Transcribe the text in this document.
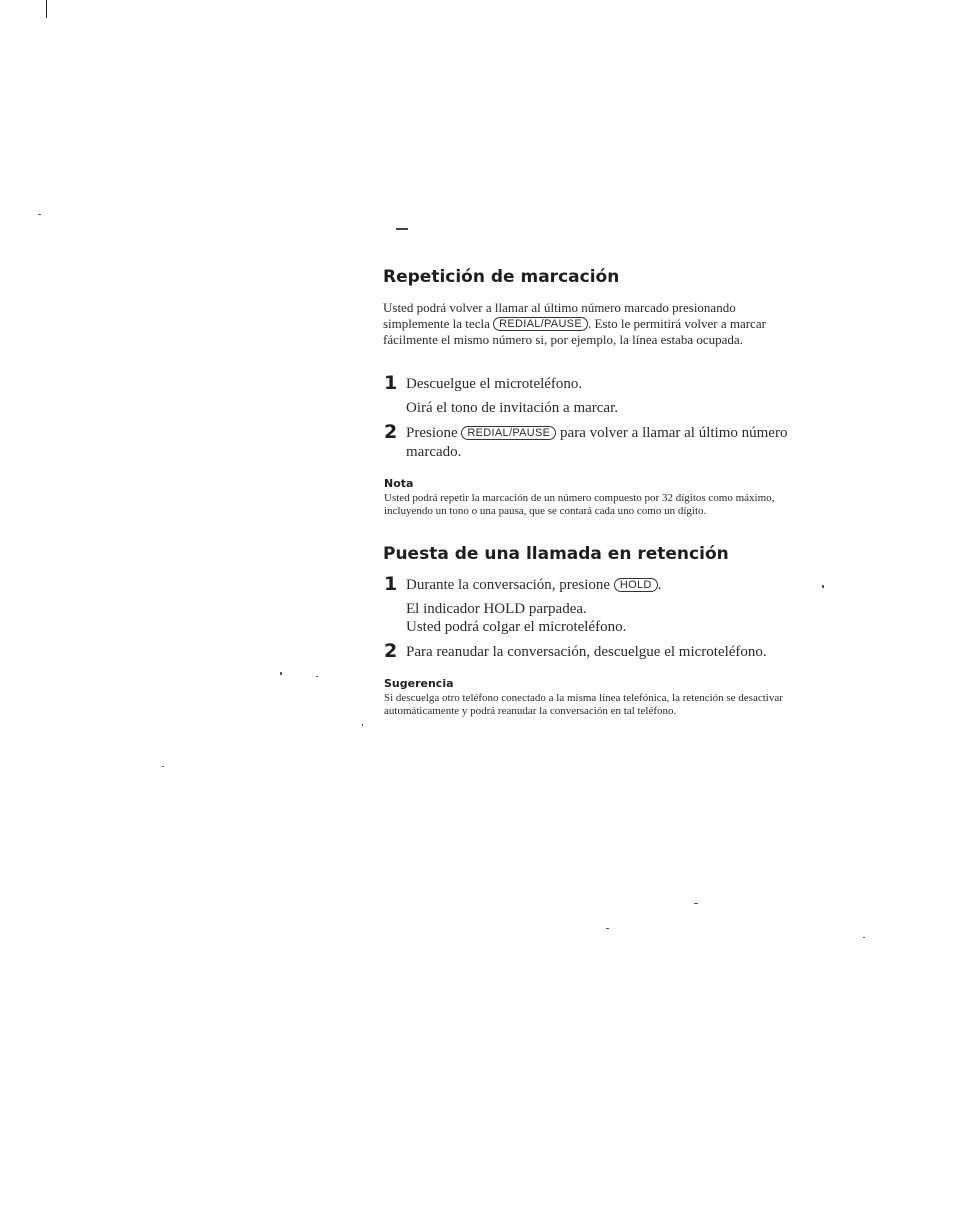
Repetición de marcación
Usted podrá volver a llamar al último número marcado presionando
simplemente la tecla REDIAL/PAUSE . Esto le permitirá volver a marcar
fácilmente el mismo número si, por ejemplo, la línea estaba ocupada.
1 Descuelgue el microteléfono.
Oirá el tono de invitación a marcar.
2 Presione REDIAL/PAUSE para volver a llamar al último número
marcado.
Nota
Usted podrá repetir la marcación de un número compuesto por 32 dígitos como máximo,
incluyendo un tono o una pausa, que se contará cada uno como un dígito.
Puesta de una llamada en retención
1 Durante la conversación, presione HOLD .
El indicador HOLD parpadea.
Usted podrá colgar el microteléfono.
2 Para reanudar la conversación, descuelgue el microteléfono.
Sugerencia
Si descuelga otro teléfono conectado a la misma línea telefónica, la retención se desactivar
automáticamente y podrá reanudar la conversación en tal teléfono.
